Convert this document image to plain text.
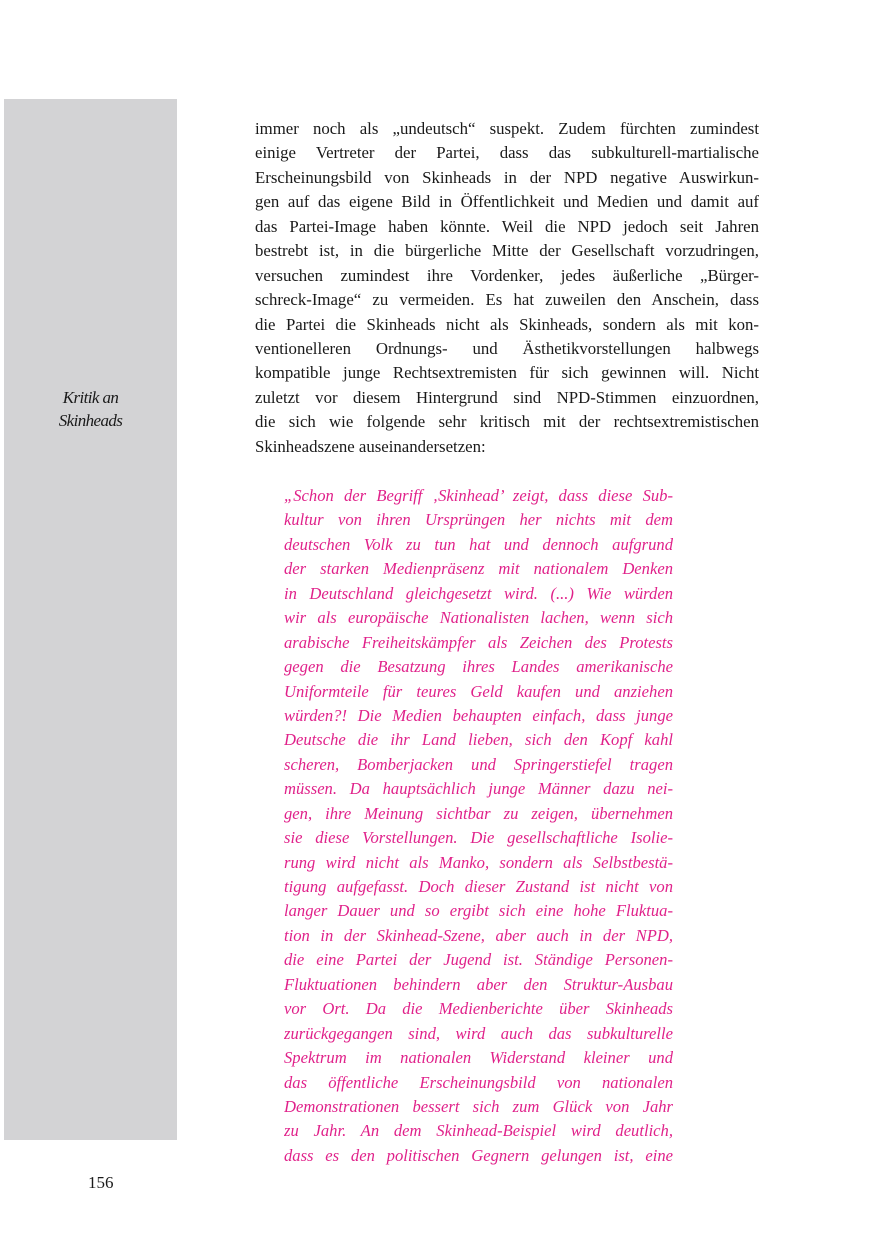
Kritik an
Skinheads
immer noch als „undeutsch“ suspekt. Zudem fürchten zumindest
einige Vertreter der Partei, dass das subkulturell-martialische
Erscheinungsbild von Skinheads in der NPD negative Auswirkun-
gen auf das eigene Bild in Öffentlichkeit und Medien und damit auf
das Partei-Image haben könnte. Weil die NPD jedoch seit Jahren
bestrebt ist, in die bürgerliche Mitte der Gesellschaft vorzudringen,
versuchen zumindest ihre Vordenker, jedes äußerliche „Bürger-
schreck-Image“ zu vermeiden. Es hat zuweilen den Anschein, dass
die Partei die Skinheads nicht als Skinheads, sondern als mit kon-
ventionelleren Ordnungs- und Ästhetikvorstellungen halbwegs
kompatible junge Rechtsextremisten für sich gewinnen will. Nicht
zuletzt vor diesem Hintergrund sind NPD-Stimmen einzuordnen,
die sich wie folgende sehr kritisch mit der rechtsextremistischen
Skinheadszene auseinandersetzen:
„Schon der Begriff ‚Skinhead’ zeigt, dass diese Sub-
kultur von ihren Ursprüngen her nichts mit dem
deutschen Volk zu tun hat und dennoch aufgrund
der starken Medienpräsenz mit nationalem Denken
in Deutschland gleichgesetzt wird. (...) Wie würden
wir als europäische Nationalisten lachen, wenn sich
arabische Freiheitskämpfer als Zeichen des Protests
gegen die Besatzung ihres Landes amerikanische
Uniformteile für teures Geld kaufen und anziehen
würden?! Die Medien behaupten einfach, dass junge
Deutsche die ihr Land lieben, sich den Kopf kahl
scheren, Bomberjacken und Springerstiefel tragen
müssen. Da hauptsächlich junge Männer dazu nei-
gen, ihre Meinung sichtbar zu zeigen, übernehmen
sie diese Vorstellungen. Die gesellschaftliche Isolie-
rung wird nicht als Manko, sondern als Selbstbestä-
tigung aufgefasst. Doch dieser Zustand ist nicht von
langer Dauer und so ergibt sich eine hohe Fluktua-
tion in der Skinhead-Szene, aber auch in der NPD,
die eine Partei der Jugend ist. Ständige Personen-
Fluktuationen behindern aber den Struktur-Ausbau
vor Ort. Da die Medienberichte über Skinheads
zurückgegangen sind, wird auch das subkulturelle
Spektrum im nationalen Widerstand kleiner und
das öffentliche Erscheinungsbild von nationalen
Demonstrationen bessert sich zum Glück von Jahr
zu Jahr. An dem Skinhead-Beispiel wird deutlich,
dass es den politischen Gegnern gelungen ist, eine
156
